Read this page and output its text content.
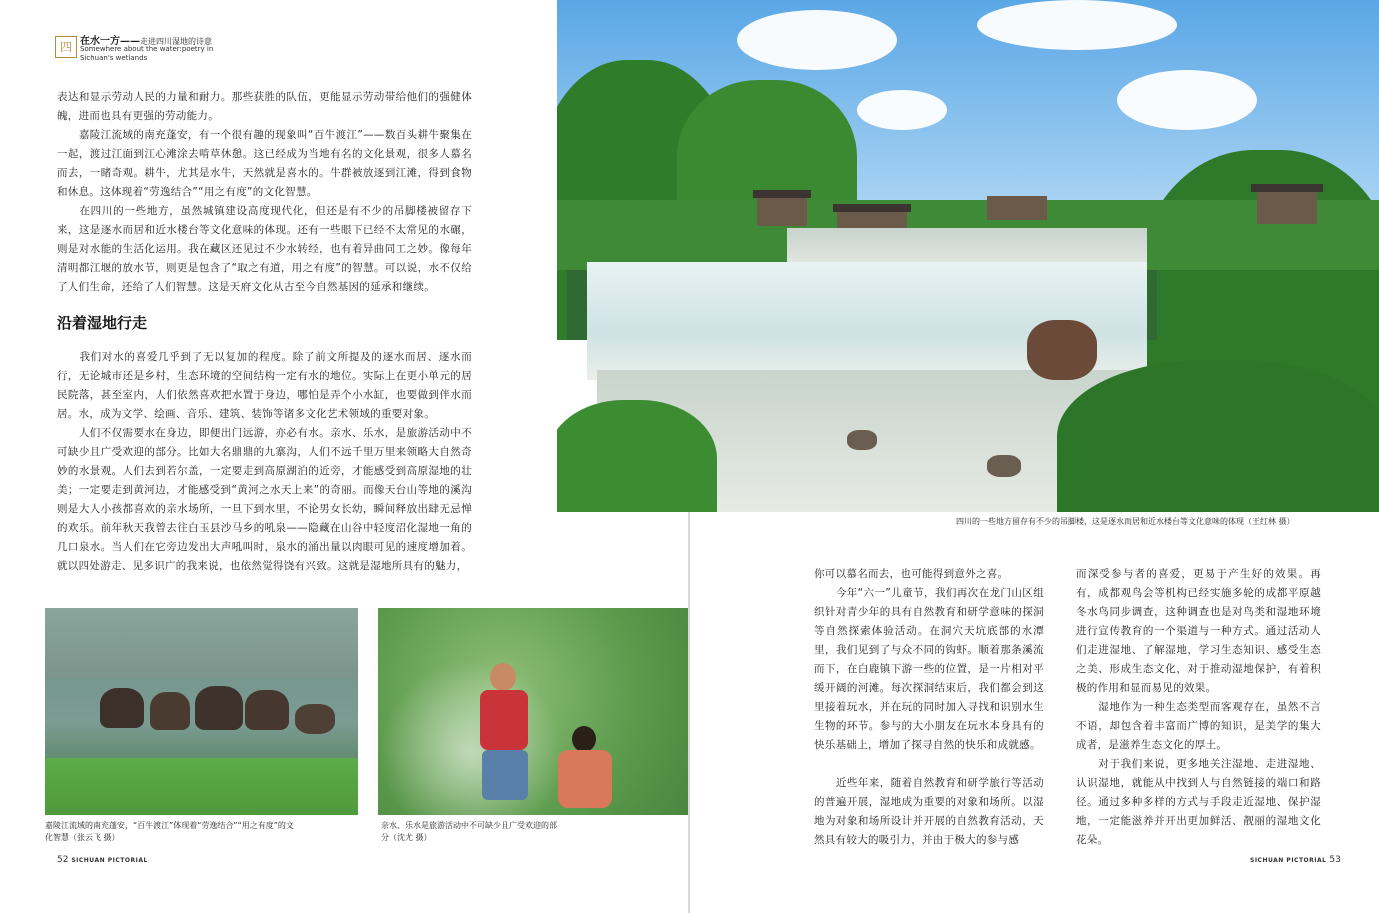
四 在水一方——走进四川湿地的诗意
Somewhere about the water:poetry in Sichuan's wetlands
表达和显示劳动人民的力量和耐力。那些获胜的队伍，更能显示劳动带给他们的强健体魄，进而也具有更强的劳动能力。
　　嘉陵江流域的南充蓬安，有一个很有趣的现象叫“百牛渡江”——数百头耕牛聚集在一起，渡过江面到江心滩涂去啃草休憩。这已经成为当地有名的文化景观，很多人慕名而去，一睹奇观。耕牛，尤其是水牛，天然就是喜水的。牛群被放逐到江滩，得到食物和休息。这体现着“劳逸结合”“用之有度”的文化智慧。
　　在四川的一些地方，虽然城镇建设高度现代化，但还是有不少的吊脚楼被留存下来，这是逐水而居和近水楼台等文化意味的体现。还有一些眼下已经不太常见的水碾，则是对水能的生活化运用。我在藏区还见过不少水转经，也有着异曲同工之妙。像每年清明都江堰的放水节，则更是包含了“取之有道，用之有度”的智慧。可以说，水不仅给了人们生命，还给了人们智慧。这是天府文化从古至今自然基因的延承和继续。
沿着湿地行走
　　我们对水的喜爱几乎到了无以复加的程度。除了前文所提及的逐水而居、逐水而行，无论城市还是乡村，生态环境的空间结构一定有水的地位。实际上在更小单元的居民院落，甚至室内，人们依然喜欢把水置于身边，哪怕是弄个小水缸，也要做到伴水而居。水，成为文学、绘画、音乐、建筑、装饰等诸多文化艺术领域的重要对象。
　　人们不仅需要水在身边，即便出门远游，亦必有水。亲水、乐水，是旅游活动中不可缺少且广受欢迎的部分。比如大名鼎鼎的九寨沟，人们不远千里万里来领略大自然奇妙的水景观。人们去到若尔盖，一定要走到高原湖泊的近旁，才能感受到高原湿地的壮美；一定要走到黄河边，才能感受到“黄河之水天上来”的奇丽。而像天台山等地的溪沟则是大人小孩都喜欢的亲水场所，一旦下到水里，不论男女长幼，瞬间释放出肆无忌惮的欢乐。前年秋天我曾去往白玉县沙马乡的吼泉——隐藏在山谷中轻度沼化湿地一角的几口泉水。当人们在它旁边发出大声吼叫时，泉水的涌出量以肉眼可见的速度增加着。就以四处游走、见多识广的我来说，也依然觉得饶有兴致。这就是湿地所具有的魅力，
嘉陵江流域的南充蓬安，“百牛渡江”体现着“劳逸结合”“用之有度”的文化智慧（张云飞 摄）
亲水、乐水是旅游活动中不可缺少且广受欢迎的部分（沈尤 摄）
52 SICHUAN PICTORIAL
四川的一些地方留存有不少的吊脚楼，这是逐水而居和近水楼台等文化意味的体现（王红林 摄）
你可以慕名而去，也可能得到意外之喜。
　　今年“六一”儿童节，我们再次在龙门山区组织针对青少年的具有自然教育和研学意味的探洞等自然探索体验活动。在洞穴天坑底部的水潭里，我们见到了与众不同的钩虾。顺着那条溪流而下，在白鹿镇下游一些的位置，是一片相对平缓开阔的河滩。每次探洞结束后，我们都会到这里接着玩水，并在玩的同时加入寻找和识别水生生物的环节。参与的大小朋友在玩水本身具有的快乐基础上，增加了探寻自然的快乐和成就感。
　　近些年来，随着自然教育和研学旅行等活动的普遍开展，湿地成为重要的对象和场所。以湿地为对象和场所设计并开展的自然教育活动，天然具有较大的吸引力，并由于极大的参与感
而深受参与者的喜爱，更易于产生好的效果。再有，成都观鸟会等机构已经实施多轮的成都平原越冬水鸟同步调查，这种调查也是对鸟类和湿地环境进行宣传教育的一个渠道与一种方式。通过活动人们走进湿地、了解湿地，学习生态知识、感受生态之美、形成生态文化，对于推动湿地保护，有着积极的作用和显而易见的效果。
　　湿地作为一种生态类型而客观存在，虽然不言不语，却包含着丰富而广博的知识，是美学的集大成者，是滋养生态文化的厚土。
　　对于我们来说，更多地关注湿地、走进湿地、认识湿地，就能从中找到人与自然链接的端口和路径。通过多种多样的方式与手段走近湿地、保护湿地，一定能滋养并开出更加鲜活、靓丽的湿地文化花朵。
SICHUAN PICTORIAL 53
